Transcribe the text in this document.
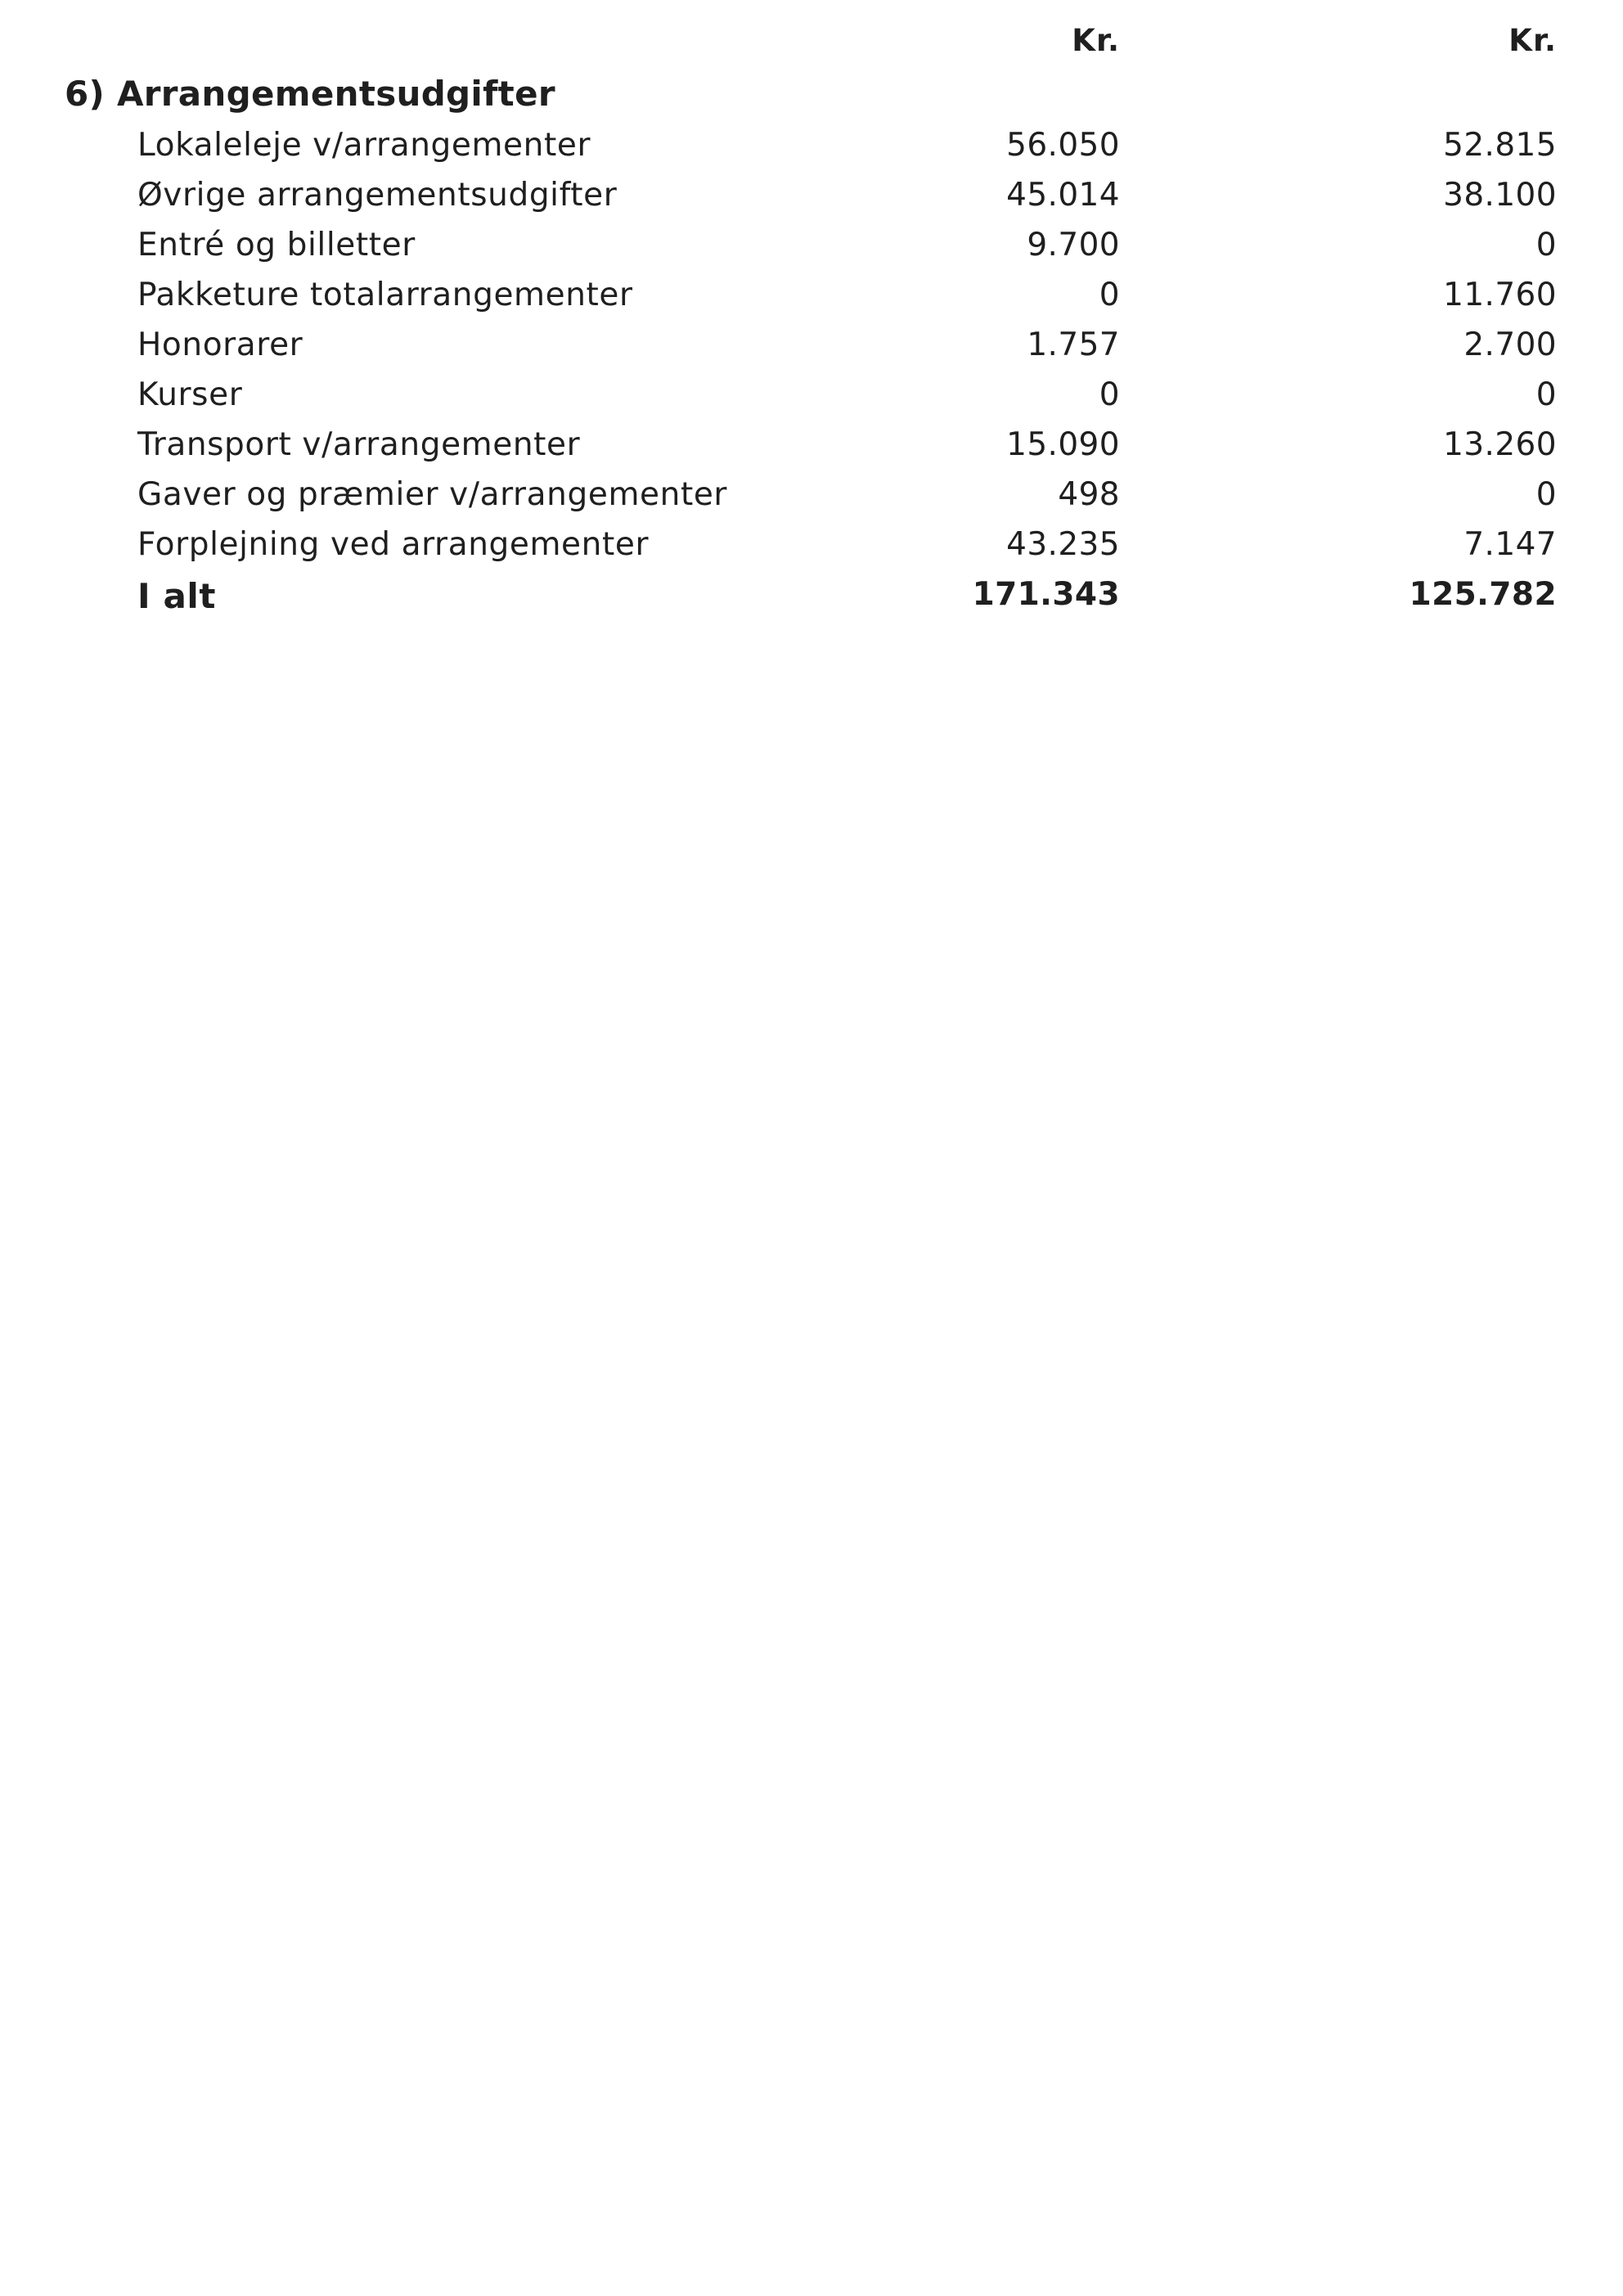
Kr.	Kr.
6) Arrangementsudgifter
Lokaleleje v/arrangementer	56.050	52.815
Øvrige arrangementsudgifter	45.014	38.100
Entré og billetter	9.700	0
Pakketure totalarrangementer	0	11.760
Honorarer	1.757	2.700
Kurser	0	0
Transport v/arrangementer	15.090	13.260
Gaver og præmier v/arrangementer	498	0
Forplejning ved arrangementer	43.235	7.147
I alt	171.343	125.782
